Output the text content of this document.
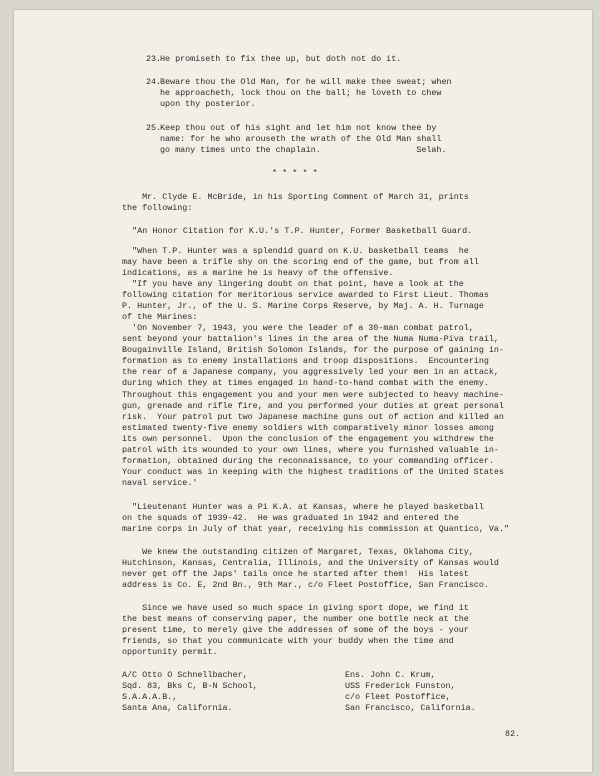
23.
He promiseth to fix thee up, but doth not do it.
24.
Beware thou the Old Man, for he will make thee sweat; when
he approacheth, lock thou on the ball; he loveth to chew
upon thy posterior.
25.
Keep thou out of his sight and let him not know thee by
name: for he who arouseth the wrath of the Old Man shall
go many times unto the chaplain.                   Selah.
* * * * *
Mr. Clyde E. McBride, in his Sporting Comment of March 31, prints
the following:
"An Honor Citation for K.U.'s T.P. Hunter, Former Basketball Guard.
"When T.P. Hunter was a splendid guard on K.U. basketball teams  he
may have been a trifle shy on the scoring end of the game, but from all
indications, as a marine he is heavy of the offensive.
"If you have any lingering doubt on that point, have a look at the
following citation for meritorious service awarded to First Lieut. Thomas
P. Hunter, Jr., of the U. S. Marine Corps Reserve, by Maj. A. H. Turnage
of the Marines:
'On November 7, 1943, you were the leader of a 30-man combat patrol,
sent beyond your battalion's lines in the area of the Numa Numa-Piva trail,
Bougainville Island, British Solomon Islands, for the purpose of gaining in-
formation as to enemy installations and troop dispositions.  Encountering
the rear of a Japanese company, you aggressively led your men in an attack,
during which they at times engaged in hand-to-hand combat with the enemy.
Throughout this engagement you and your men were subjected to heavy machine-
gun, grenade and rifle fire, and you performed your duties at great personal
risk.  Your patrol put two Japanese machine guns out of action and killed an
estimated twenty-five enemy soldiers with comparatively minor losses among
its own personnel.  Upon the conclusion of the engagement you withdrew the
patrol with its wounded to your own lines, where you furnished valuable in-
formation, obtained during the reconnaissance, to your commanding officer.
Your conduct was in keeping with the highest traditions of the United States
naval service.'
"Lieutenant Hunter was a Pi K.A. at Kansas, where he played basketball
on the squads of 1939-42.  He was graduated in 1942 and entered the
marine corps in July of that year, receiving his commission at Quantico, Va."
We knew the outstanding citizen of Margaret, Texas, Oklahoma City,
Hutchinson, Kansas, Centralia, Illinois, and the University of Kansas would
never get off the Japs' tails once he started after them!  His latest
address is Co. E, 2nd Bn., 9th Mar., c/o Fleet Postoffice, San Francisco.
Since we have used so much space in giving sport dope, we find it
the best means of conserving paper, the number one bottle neck at the
present time, to merely give the addresses of some of the boys - your
friends, so that you communicate with your buddy when the time and
opportunity permit.
A/C Otto O Schnellbacher,
Sqd. 83, Bks C, B-N School,
S.A.A.A.B.,
Santa Ana, California.
Ens. John C. Krum,
USS Frederick Funston,
c/o Fleet Postoffice,
San Francisco, California.
82.
